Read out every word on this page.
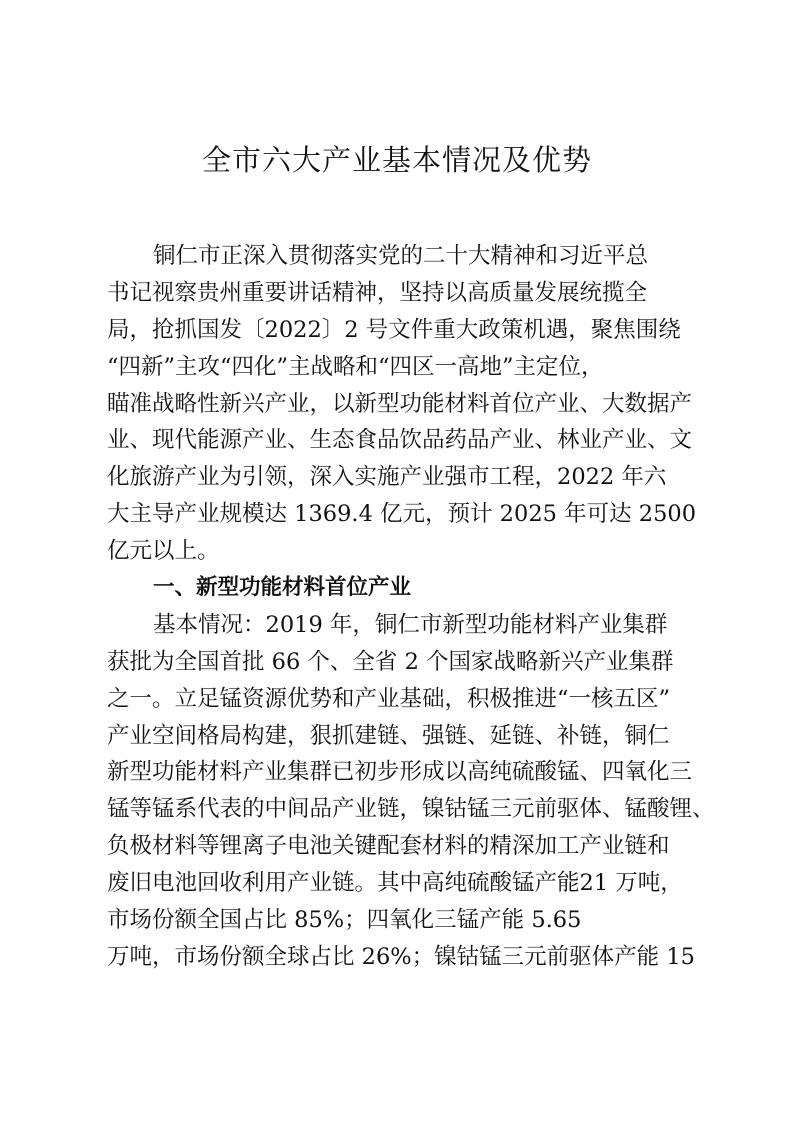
全市六大产业基本情况及优势
铜仁市正深入贯彻落实党的二十大精神和习近平总
书记视察贵州重要讲话精神，坚持以高质量发展统揽全
局，抢抓国发〔2022〕2 号文件重大政策机遇，聚焦围绕
“四新”主攻“四化”主战略和“四区一高地”主定位，
瞄准战略性新兴产业，以新型功能材料首位产业、大数据产
业、现代能源产业、生态食品饮品药品产业、林业产业、文
化旅游产业为引领，深入实施产业强市工程，2022 年六
大主导产业规模达 1369.4 亿元，预计 2025 年可达 2500
亿元以上。
一、新型功能材料首位产业
基本情况：2019 年，铜仁市新型功能材料产业集群
获批为全国首批 66 个、全省 2 个国家战略新兴产业集群
之一。立足锰资源优势和产业基础，积极推进“一核五区”
产业空间格局构建，狠抓建链、强链、延链、补链，铜仁
新型功能材料产业集群已初步形成以高纯硫酸锰、四氧化三
锰等锰系代表的中间品产业链，镍钴锰三元前驱体、锰酸锂、
负极材料等锂离子电池关键配套材料的精深加工产业链和
废旧电池回收利用产业链。其中高纯硫酸锰产能21 万吨，
市场份额全国占比 85%；四氧化三锰产能 5.65
万吨，市场份额全球占比 26%；镍钴锰三元前驱体产能 15
